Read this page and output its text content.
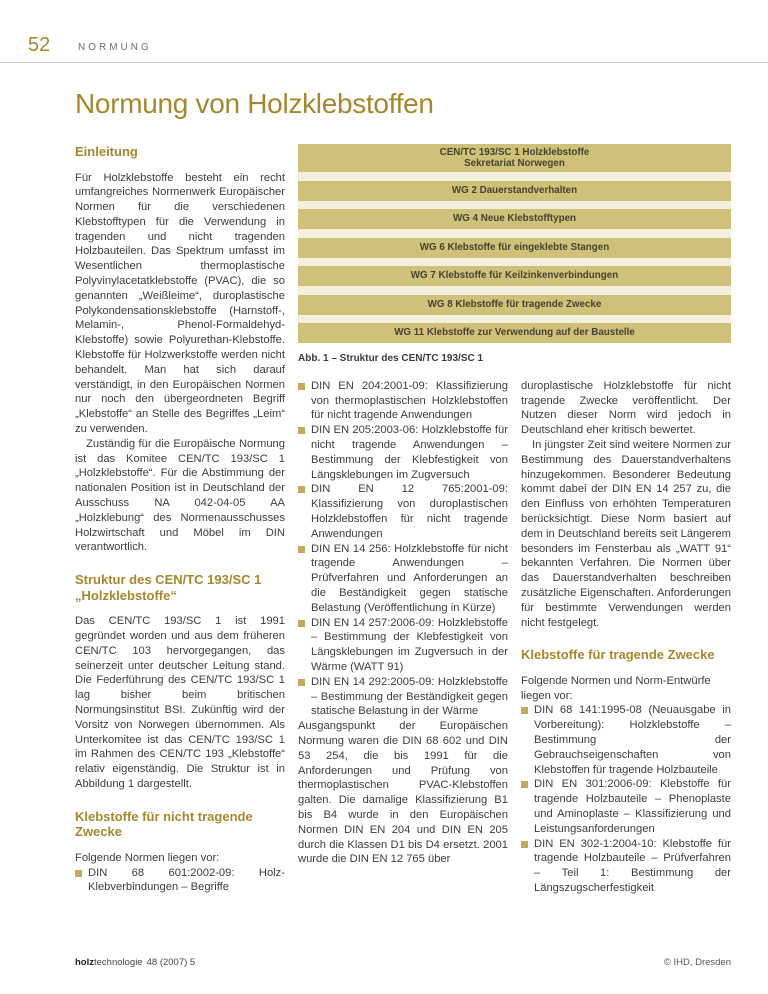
52	NORMUNG
Normung von Holzklebstoffen
Einleitung

Für Holzklebstoffe besteht ein recht umfangreiches Normenwerk Europäischer Normen für die verschiedenen Klebstofftypen für die Verwendung in tragenden und nicht tragenden Holzbauteilen. Das Spektrum umfasst im Wesentlichen thermoplastische Polyvinylacetatklebstoffe (PVAC), die so genannten „Weißleime“, duroplastische Polykondensationsklebstoffe (Harnstoff-, Melamin-, Phenol-Formaldehyd-Klebstoffe) sowie Polyurethan-Klebstoffe. Klebstoffe für Holzwerkstoffe werden nicht behandelt. Man hat sich darauf verständigt, in den Europäischen Normen nur noch den übergeordneten Begriff „Klebstoffe“ an Stelle des Begriffes „Leim“ zu verwenden.

Zuständig für die Europäische Normung ist das Komitee CEN/TC 193/SC 1 „Holzklebstoffe“. Für die Abstimmung der nationalen Position ist in Deutschland der Ausschuss NA 042-04-05 AA „Holzklebung“ des Normenausschusses Holzwirtschaft und Möbel im DIN verantwortlich.

Struktur des CEN/TC 193/SC 1 „Holzklebstoffe“

Das CEN/TC 193/SC 1 ist 1991 gegründet worden und aus dem früheren CEN/TC 103 hervorgegangen, das seinerzeit unter deutscher Leitung stand. Die Federführung des CEN/TC 193/SC 1 lag bisher beim britischen Normungsinstitut BSI. Zukünftig wird der Vorsitz von Norwegen übernommen. Als Unterkomitee ist das CEN/TC 193/SC 1 im Rahmen des CEN/TC 193 „Klebstoffe“ relativ eigenständig. Die Struktur ist in Abbildung 1 dargestellt.

Klebstoffe für nicht tragende Zwecke

Folgende Normen liegen vor:

DIN 68 601:2002-09: Holz-Klebverbindungen – Begriffe
CEN/TC 193/SC 1 Holzklebstoffe
Sekretariat Norwegen
WG 2 Dauerstandverhalten
WG 4 Neue Klebstofftypen
WG 6 Klebstoffe für eingeklebte Stangen
WG 7 Klebstoffe für Keilzinkenverbindungen
WG 8 Klebstoffe für tragende Zwecke
WG 11 Klebstoffe zur Verwendung auf der Baustelle

Abb. 1 – Struktur des CEN/TC 193/SC 1

DIN EN 204:2001-09: Klassifizierung von thermoplastischen Holzklebstoffen für nicht tragende Anwendungen
DIN EN 205:2003-06: Holzklebstoffe für nicht tragende Anwendungen – Bestimmung der Klebfestigkeit von Längsklebungen im Zugversuch
DIN EN 12 765:2001-09: Klassifizierung von duroplastischen Holzklebstoffen für nicht tragende Anwendungen
DIN EN 14 256: Holzklebstoffe für nicht tragende Anwendungen – Prüfverfahren und Anforderungen an die Beständigkeit gegen statische Belastung (Veröffentlichung in Kürze)
DIN EN 14 257:2006-09: Holzklebstoffe – Bestimmung der Klebfestigkeit von Längsklebungen im Zugversuch in der Wärme (WATT 91)
DIN EN 14 292:2005-09: Holzklebstoffe – Bestimmung der Beständigkeit gegen statische Belastung in der Wärme

Ausgangspunkt der Europäischen Normung waren die DIN 68 602 und DIN 53 254, die bis 1991 für die Anforderungen und Prüfung von thermoplastischen PVAC-Klebstoffen galten. Die damalige Klassifizierung B1 bis B4 wurde in den Europäischen Normen DIN EN 204 und DIN EN 205 durch die Klassen D1 bis D4 ersetzt. 2001 wurde die DIN EN 12 765 über

duroplastische Holzklebstoffe für nicht tragende Zwecke veröffentlicht. Der Nutzen dieser Norm wird jedoch in Deutschland eher kritisch bewertet.

In jüngster Zeit sind weitere Normen zur Bestimmung des Dauerstandverhaltens hinzugekommen. Besonderer Bedeutung kommt dabei der DIN EN 14 257 zu, die den Einfluss von erhöhten Temperaturen berücksichtigt. Diese Norm basiert auf dem in Deutschland bereits seit Längerem besonders im Fensterbau als „WATT 91“ bekannten Verfahren. Die Normen über das Dauerstandverhalten beschreiben zusätzliche Eigenschaften. Anforderungen für bestimmte Verwendungen werden nicht festgelegt.

Klebstoffe für tragende Zwecke

Folgende Normen und Norm-Entwürfe liegen vor:

DIN 68 141:1995-08 (Neuausgabe in Vorbereitung): Holzklebstoffe – Bestimmung der Gebrauchseigenschaften von Klebstoffen für tragende Holzbauteile
DIN EN 301:2006-09: Klebstoffe für tragende Holzbauteile – Phenoplaste und Aminoplaste – Klassifizierung und Leistungsanforderungen
DIN EN 302-1:2004-10: Klebstoffe für tragende Holzbauteile – Prüfverfahren – Teil 1: Bestimmung der Längszugscherfestigkeit
holztechnologie 48 (2007) 5	© IHD, Dresden
